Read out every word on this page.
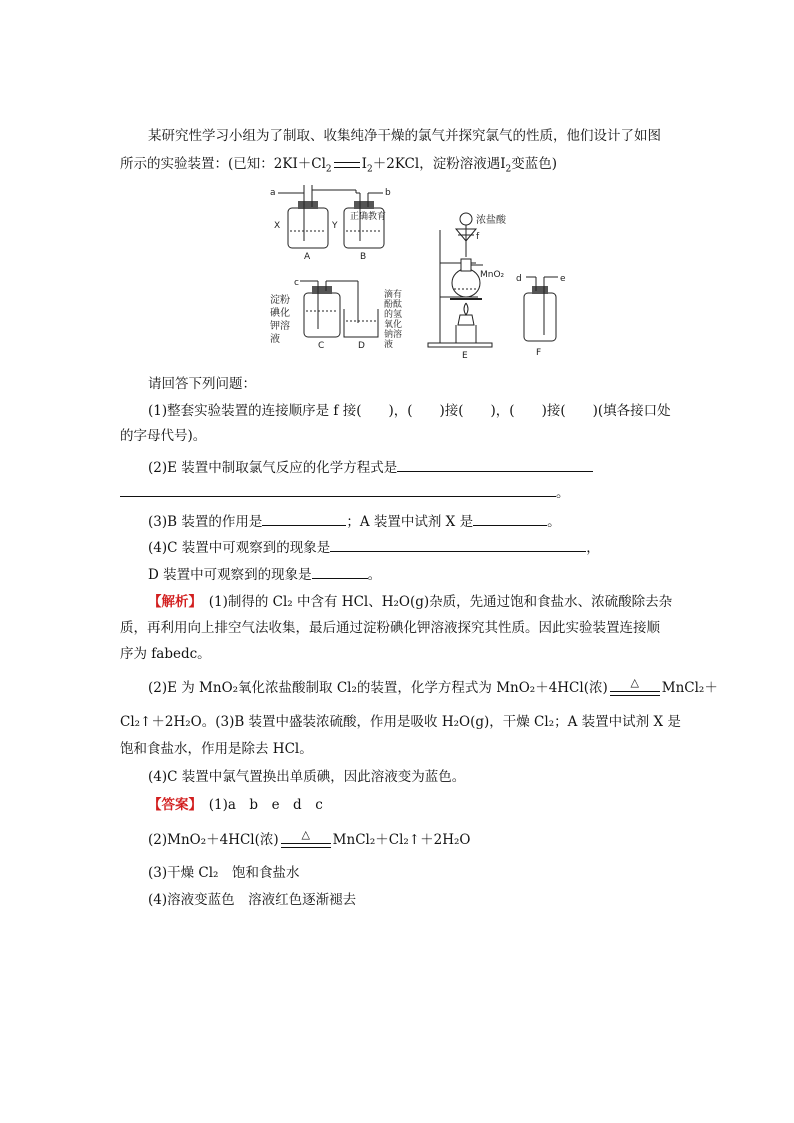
某研究性学习小组为了制取、收集纯净干燥的氯气并探究氯气的性质，他们设计了如图
所示的实验装置：(已知：$2KI+Cl_2$ $I_2+2KCl$，淀粉溶液遇$I_2$变蓝色)
a	b
X	Y
A	B
正确教育
c
C	D
淀粉
碘化
钾溶
液
滴有
酚酞
的氢
氧化
钠溶
液
浓盐酸
f
MnO₂
E
d	e
F
请回答下列问题：
(1)整套实验装置的连接顺序是 f 接(　　)，(　　)接(　　)，(　　)接(　　)(填各接口处
的字母代号)。
(2)E 装置中制取氯气反应的化学方程式是
。
(3)B 装置的作用是	；A 装置中试剂 X 是	。
(4)C 装置中可观察到的现象是	，
D 装置中可观察到的现象是	。
【解析】　 (1)制得的 Cl₂ 中含有 HCl、H₂O(g)杂质，先通过饱和食盐水、浓硫酸除去杂
质，再利用向上排空气法收集，最后通过淀粉碘化钾溶液探究其性质。因此实验装置连接顺
序为 fabedc。
(2)E 为 MnO₂氧化浓盐酸制取 Cl₂的装置，化学方程式为 MnO₂＋4HCl(浓)	△	MnCl₂＋
Cl₂↑＋2H₂O。(3)B 装置中盛装浓硫酸，作用是吸收 H₂O(g)，干燥 Cl₂；A 装置中试剂 X 是
饱和食盐水，作用是除去 HCl。
(4)C 装置中氯气置换出单质碘，因此溶液变为蓝色。
【答案】　 (1)a　b　e　d　c
(2)MnO₂＋4HCl(浓)	△	MnCl₂＋Cl₂↑＋2H₂O
(3)干燥 Cl₂　饱和食盐水
(4)溶液变蓝色　溶液红色逐渐褪去
